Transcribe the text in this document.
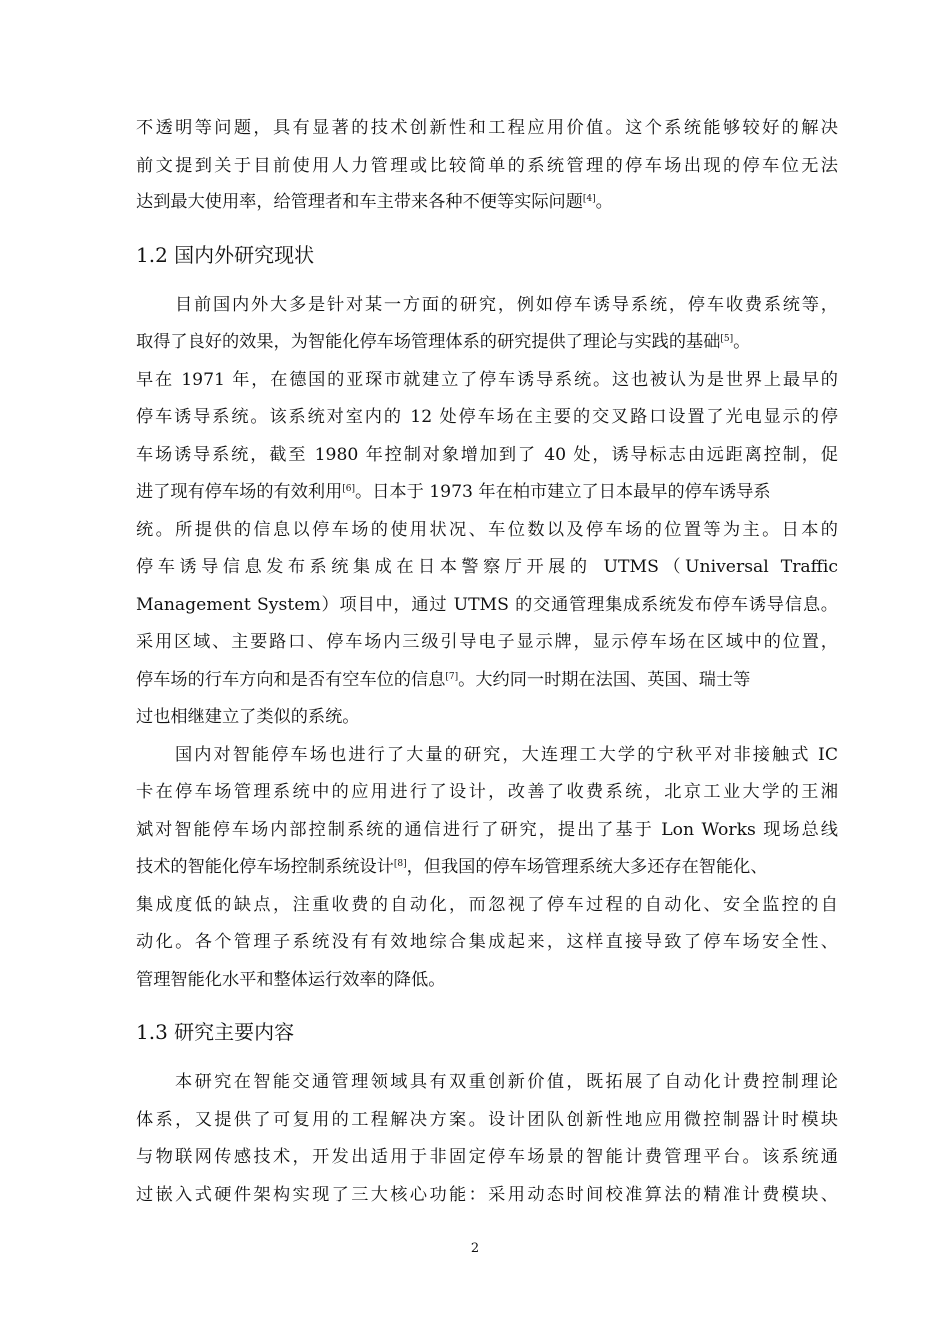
不透明等问题，具有显著的技术创新性和工程应用价值。这个系统能够较好的解决
前文提到关于目前使用人力管理或比较简单的系统管理的停车场出现的停车位无法
达到最大使用率，给管理者和车主带来各种不便等实际问题[4]。
1.2 国内外研究现状
目前国内外大多是针对某一方面的研究，例如停车诱导系统，停车收费系统等，
取得了良好的效果，为智能化停车场管理体系的研究提供了理论与实践的基础[5]。
早在 1971 年，在德国的亚琛市就建立了停车诱导系统。这也被认为是世界上最早的
停车诱导系统。该系统对室内的 12 处停车场在主要的交叉路口设置了光电显示的停
车场诱导系统，截至 1980 年控制对象增加到了 40 处，诱导标志由远距离控制，促
进了现有停车场的有效利用[6]。日本于 1973 年在柏市建立了日本最早的停车诱导系
统。所提供的信息以停车场的使用状况、车位数以及停车场的位置等为主。日本的
停车诱导信息发布系统集成在日本警察厅开展的 UTMS（Universal Traffic
Management System）项目中，通过 UTMS 的交通管理集成系统发布停车诱导信息。
采用区域、主要路口、停车场内三级引导电子显示牌，显示停车场在区域中的位置，
停车场的行车方向和是否有空车位的信息[7]。大约同一时期在法国、英国、瑞士等
过也相继建立了类似的系统。
国内对智能停车场也进行了大量的研究，大连理工大学的宁秋平对非接触式 IC
卡在停车场管理系统中的应用进行了设计，改善了收费系统，北京工业大学的王湘
斌对智能停车场内部控制系统的通信进行了研究，提出了基于 Lon Works 现场总线
技术的智能化停车场控制系统设计[8]，但我国的停车场管理系统大多还存在智能化、
集成度低的缺点，注重收费的自动化，而忽视了停车过程的自动化、安全监控的自
动化。各个管理子系统没有有效地综合集成起来，这样直接导致了停车场安全性、
管理智能化水平和整体运行效率的降低。
1.3 研究主要内容
本研究在智能交通管理领域具有双重创新价值，既拓展了自动化计费控制理论
体系，又提供了可复用的工程解决方案。设计团队创新性地应用微控制器计时模块
与物联网传感技术，开发出适用于非固定停车场景的智能计费管理平台。该系统通
过嵌入式硬件架构实现了三大核心功能：采用动态时间校准算法的精准计费模块、
2
